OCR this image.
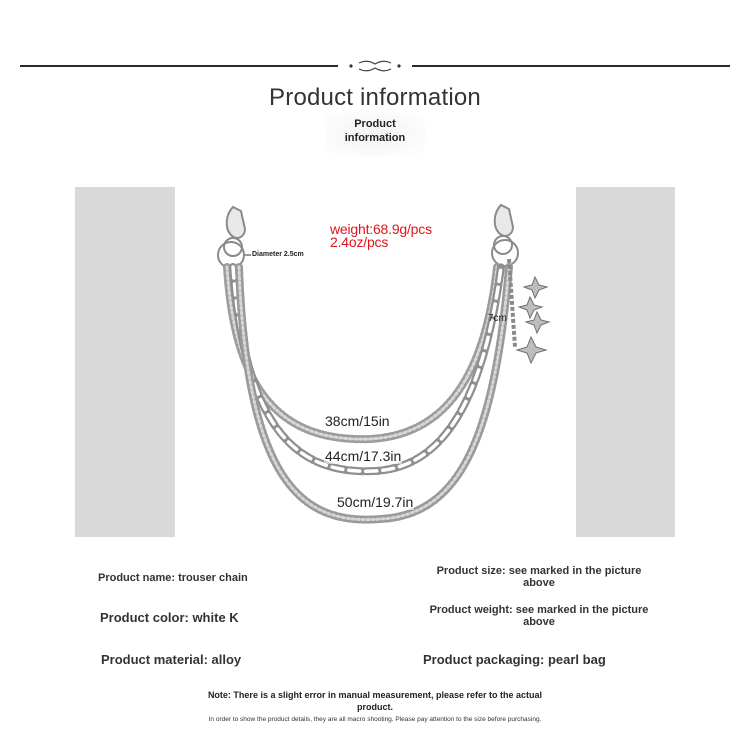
Product information
Product
information
weight:68.9g/pcs
2.4oz/pcs
Diameter 2.5cm
7cm
38cm/15in
44cm/17.3in
50cm/19.7in
Product name: trouser chain
Product color: white K
Product material: alloy
Product size: see marked in the picture above
Product weight: see marked in the picture above
Product packaging: pearl bag
Note: There is a slight error in manual measurement, please refer to the actual product.
In order to show the product details, they are all macro shooting. Please pay attention to the size before purchasing.
